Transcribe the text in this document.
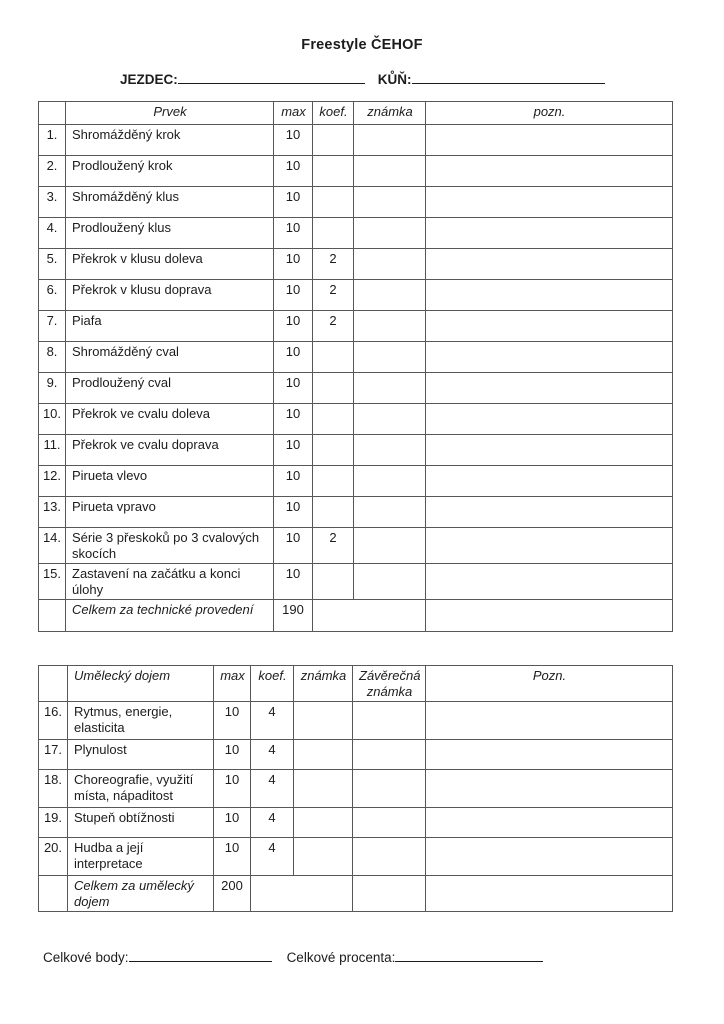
Freestyle ČEHOF
JEZDEC:	KŮŇ:
	Prvek	max	koef.	známka	pozn.
1.	Shromážděný krok	10			
2.	Prodloužený krok	10			
3.	Shromážděný klus	10			
4.	Prodloužený klus	10			
5.	Překrok v klusu doleva	10	2		
6.	Překrok v klusu doprava	10	2		
7.	Piafa	10	2		
8.	Shromážděný cval	10			
9.	Prodloužený cval	10			
10.	Překrok ve cvalu doleva	10			
11.	Překrok ve cvalu doprava	10			
12.	Pirueta vlevo	10			
13.	Pirueta vpravo	10			
14.	Série 3 přeskoků po 3 cvalových skocích	10	2		
15.	Zastavení na začátku a konci úlohy	10			
	Celkem za technické provedení	190			
	Umělecký dojem	max	koef.	známka	Závěrečná známka	Pozn.
16.	Rytmus, energie, elasticita	10	4			
17.	Plynulost	10	4			
18.	Choreografie, využití místa, nápaditost	10	4			
19.	Stupeň obtížnosti	10	4			
20.	Hudba a její interpretace	10	4			
	Celkem za umělecký dojem	200				
Celkové body:	Celkové procenta:
